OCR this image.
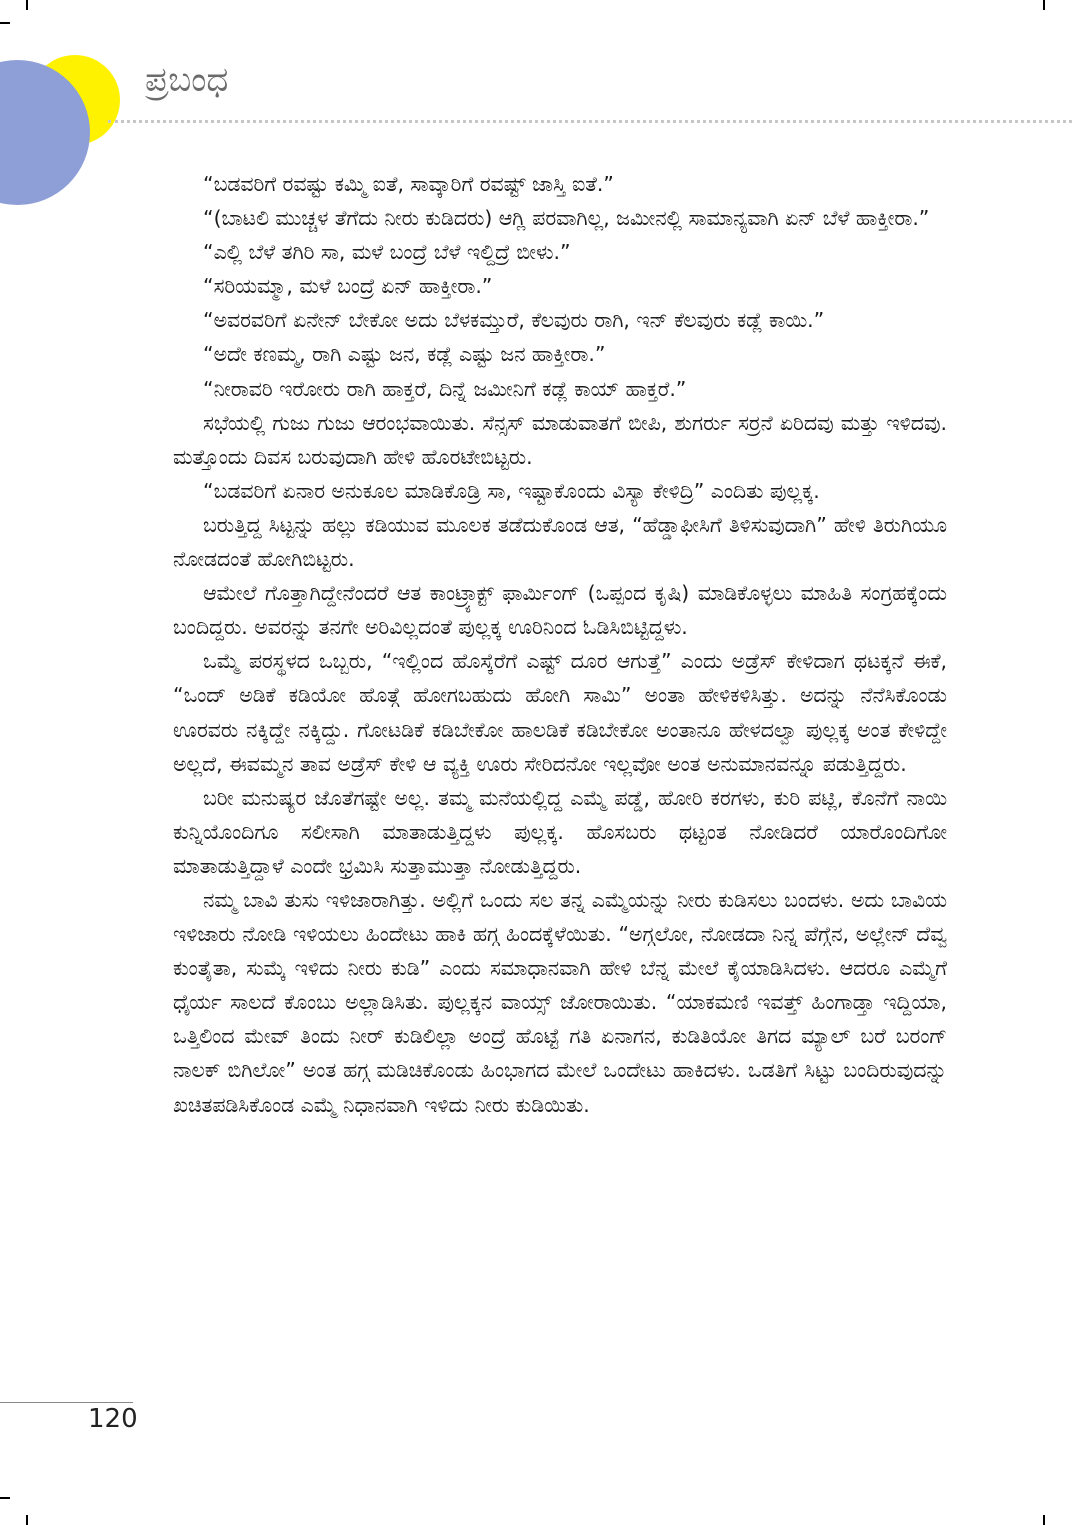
ಪ್ರಬಂಧ

“ಬಡವರಿಗೆ ರವಷ್ಟು ಕಮ್ಮಿ ಐತೆ, ಸಾವ್ಕಾರಿಗೆ ರವಷ್ಟ್ ಜಾಸ್ತಿ ಐತೆ.”

“(ಬಾಟಲಿ ಮುಚ್ಚಳ ತೆಗೆದು ನೀರು ಕುಡಿದರು) ಆಗ್ಲಿ ಪರವಾಗಿಲ್ಲ, ಜಮೀನಲ್ಲಿ ಸಾಮಾನ್ಯವಾಗಿ ಏನ್ ಬೆಳೆ ಹಾಕ್ತೀರಾ.”

“ಎಲ್ಲಿ ಬೆಳೆ ತಗಿರಿ ಸಾ, ಮಳೆ ಬಂದ್ರೆ ಬೆಳೆ ಇಲ್ದಿದ್ರೆ ಬೀಳು.”

“ಸರಿಯಮ್ಮಾ, ಮಳೆ ಬಂದ್ರೆ ಏನ್ ಹಾಕ್ತೀರಾ.”

“ಅವರವರಿಗೆ ಏನೇನ್ ಬೇಕೋ ಅದು ಬೆಳಕಮ್ತುರೆ, ಕೆಲವುರು ರಾಗಿ, ಇನ್ ಕೆಲವುರು ಕಡ್ಲೆ ಕಾಯಿ.”

“ಅದೇ ಕಣಮ್ಮ, ರಾಗಿ ಎಷ್ಟು ಜನ, ಕಡ್ಲೆ ಎಷ್ಟು ಜನ ಹಾಕ್ತೀರಾ.”

“ನೀರಾವರಿ ಇರೋರು ರಾಗಿ ಹಾಕ್ತರೆ, ದಿನ್ನೆ ಜಮೀನಿಗೆ ಕಡ್ಲೆ ಕಾಯ್ ಹಾಕ್ತರೆ.”

ಸಭೆಯಲ್ಲಿ ಗುಜು ಗುಜು ಆರಂಭವಾಯಿತು. ಸೆನ್ಸಸ್ ಮಾಡುವಾತಗೆ ಬೀಪಿ, ಶುಗರ್ರು ಸರ್ರನೆ ಏರಿದವು ಮತ್ತು ಇಳಿದವು. ಮತ್ತೊಂದು ದಿವಸ ಬರುವುದಾಗಿ ಹೇಳಿ ಹೊರಟೇಬಿಟ್ಟರು.

“ಬಡವರಿಗೆ ಏನಾರ ಅನುಕೂಲ ಮಾಡಿಕೊಡ್ರಿ ಸಾ, ಇಷ್ಟಾಕೊಂದು ವಿಸ್ಯಾ ಕೇಳಿದ್ರಿ” ಎಂದಿತು ಪುಲ್ಲಕ್ಕ.

ಬರುತ್ತಿದ್ದ ಸಿಟ್ಟನ್ನು ಹಲ್ಲು ಕಡಿಯುವ ಮೂಲಕ ತಡೆದುಕೊಂಡ ಆತ, “ಹೆಡ್ಡಾಫೀಸಿಗೆ ತಿಳಿಸುವುದಾಗಿ” ಹೇಳಿ ತಿರುಗಿಯೂ ನೋಡದಂತೆ ಹೋಗಿಬಿಟ್ಟರು.

ಆಮೇಲೆ ಗೊತ್ತಾಗಿದ್ದೇನೆಂದರೆ ಆತ ಕಾಂಟ್ರ್ಯಾಕ್ಟ್ ಫಾರ್ಮಿಂಗ್ (ಒಪ್ಪಂದ ಕೃಷಿ) ಮಾಡಿಕೊಳ್ಳಲು ಮಾಹಿತಿ ಸಂಗ್ರಹಕ್ಕೆಂದು ಬಂದಿದ್ದರು. ಅವರನ್ನು ತನಗೇ ಅರಿವಿಲ್ಲದಂತೆ ಪುಲ್ಲಕ್ಕ ಊರಿನಿಂದ ಓಡಿಸಿಬಿಟ್ಟಿದ್ದಳು.

ಒಮ್ಮೆ ಪರಸ್ಥಳದ ಒಬ್ಬರು, “ಇಲ್ಲಿಂದ ಹೊಸ್ಕೆರೆಗೆ ಎಷ್ಟ್ ದೂರ ಆಗುತ್ತೆ” ಎಂದು ಅಡ್ರೆಸ್ ಕೇಳಿದಾಗ ಥಟಕ್ಕನೆ ಈಕೆ, “ಒಂದ್ ಅಡಿಕೆ ಕಡಿಯೋ ಹೊತ್ಗೆ ಹೋಗಬಹುದು ಹೋಗಿ ಸಾಮಿ” ಅಂತಾ ಹೇಳಿಕಳಿಸಿತ್ತು. ಅದನ್ನು ನೆನೆಸಿಕೊಂಡು ಊರವರು ನಕ್ಕಿದ್ದೇ ನಕ್ಕಿದ್ದು. ಗೋಟಡಿಕೆ ಕಡಿಬೇಕೋ ಹಾಲಡಿಕೆ ಕಡಿಬೇಕೋ ಅಂತಾನೂ ಹೇಳದಲ್ವಾ ಪುಲ್ಲಕ್ಕ ಅಂತ ಕೇಳಿದ್ದೇ ಅಲ್ಲದೆ, ಈವಮ್ಮನ ತಾವ ಅಡ್ರೆಸ್ ಕೇಳಿ ಆ ವ್ಯಕ್ತಿ ಊರು ಸೇರಿದನೋ ಇಲ್ಲವೋ ಅಂತ ಅನುಮಾನವನ್ನೂ ಪಡುತ್ತಿದ್ದರು.

ಬರೀ ಮನುಷ್ಯರ ಜೊತೆಗಷ್ಟೇ ಅಲ್ಲ. ತಮ್ಮ ಮನೆಯಲ್ಲಿದ್ದ ಎಮ್ಮೆ ಪಡ್ಡೆ, ಹೋರಿ ಕರಗಳು, ಕುರಿ ಪಟ್ಲಿ, ಕೊನೆಗೆ ನಾಯಿ ಕುನ್ನಿಯೊಂದಿಗೂ ಸಲೀಸಾಗಿ ಮಾತಾಡುತ್ತಿದ್ದಳು ಪುಲ್ಲಕ್ಕ. ಹೊಸಬರು ಥಟ್ಟಂತ ನೋಡಿದರೆ ಯಾರೊಂದಿಗೋ ಮಾತಾಡುತ್ತಿದ್ದಾಳೆ ಎಂದೇ ಭ್ರಮಿಸಿ ಸುತ್ತಾಮುತ್ತಾ ನೋಡುತ್ತಿದ್ದರು.

ನಮ್ಮ ಬಾವಿ ತುಸು ಇಳಿಜಾರಾಗಿತ್ತು. ಅಲ್ಲಿಗೆ ಒಂದು ಸಲ ತನ್ನ ಎಮ್ಮೆಯನ್ನು ನೀರು ಕುಡಿಸಲು ಬಂದಳು. ಅದು ಬಾವಿಯ ಇಳಿಜಾರು ನೋಡಿ ಇಳಿಯಲು ಹಿಂದೇಟು ಹಾಕಿ ಹಗ್ಗ ಹಿಂದಕ್ಕೆಳೆಯಿತು. “ಅಗ್ಗಲೋ, ನೋಡದಾ ನಿನ್ನ ಪೆಗ್ಗೆನ, ಅಲ್ಲೇನ್ ದೆವ್ವ ಕುಂತೈತಾ, ಸುಮ್ಕೆ ಇಳಿದು ನೀರು ಕುಡಿ” ಎಂದು ಸಮಾಧಾನವಾಗಿ ಹೇಳಿ ಬೆನ್ನ ಮೇಲೆ ಕೈಯಾಡಿಸಿದಳು. ಆದರೂ ಎಮ್ಮೆಗೆ ಧೈರ್ಯ ಸಾಲದೆ ಕೊಂಬು ಅಲ್ಲಾಡಿಸಿತು. ಪುಲ್ಲಕ್ಕನ ವಾಯ್ಸ್ ಜೋರಾಯಿತು. “ಯಾಕಮಣಿ ಇವತ್ತ್ ಹಿಂಗಾಡ್ತಾ ಇದ್ದಿಯಾ, ಒತ್ತಿಲಿಂದ ಮೇವ್ ತಿಂದು ನೀರ್ ಕುಡಿಲಿಲ್ಲಾ ಅಂದ್ರೆ ಹೊಟ್ಟೆ ಗತಿ ಏನಾಗನ, ಕುಡಿತಿಯೋ ತಿಗದ ಮ್ಯಾಲ್ ಬರೆ ಬರಂಗ್ ನಾಲಕ್ ಬಿಗಿಲೋ” ಅಂತ ಹಗ್ಗ ಮಡಿಚಿಕೊಂಡು ಹಿಂಭಾಗದ ಮೇಲೆ ಒಂದೇಟು ಹಾಕಿದಳು. ಒಡತಿಗೆ ಸಿಟ್ಟು ಬಂದಿರುವುದನ್ನು ಖಚಿತಪಡಿಸಿಕೊಂಡ ಎಮ್ಮೆ ನಿಧಾನವಾಗಿ ಇಳಿದು ನೀರು ಕುಡಿಯಿತು.

120
